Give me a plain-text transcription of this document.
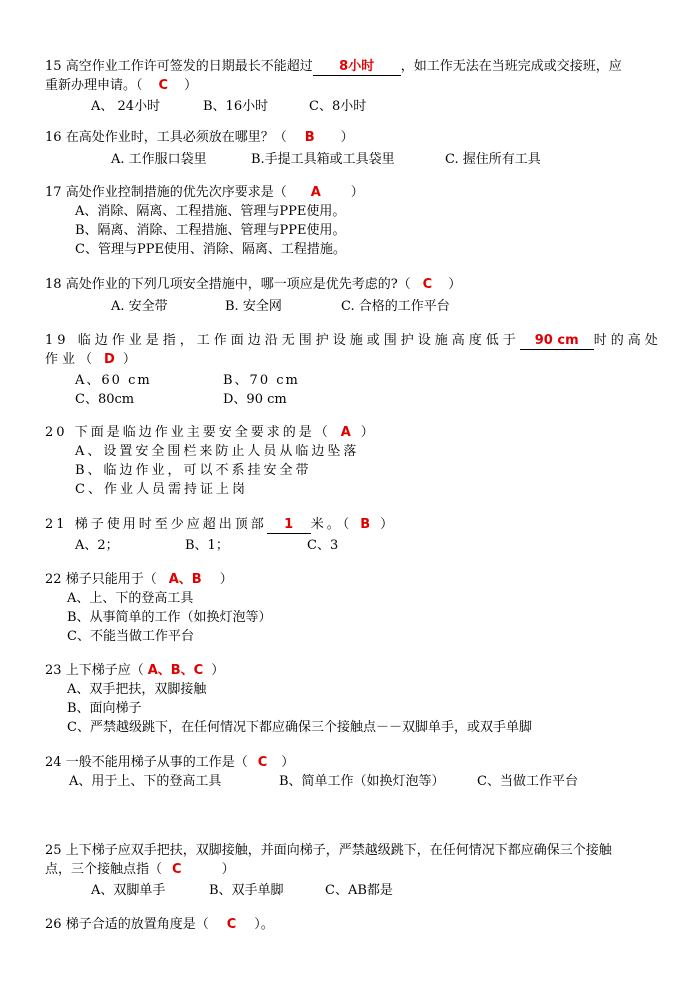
15 高空作业工作许可签发的日期最长不能超过 8小时 ，如工作无法在当班完成或交接班，应
重新办理申请。（ C ）
A、 24小时	B、16小时	C、8小时
16 在高处作业时，工具必须放在哪里？（ B ）
A. 工作服口袋里	B.手提工具箱或工具袋里	C. 握住所有工具
17 高处作业控制措施的优先次序要求是（ A ）
A、消除、隔离、工程措施、管理与PPE使用。
B、隔离、消除、工程措施、管理与PPE使用。
C、管理与PPE使用、消除、隔离、工程措施。
18 高处作业的下列几项安全措施中，哪一项应是优先考虑的?（ C ）
A. 安全带	B. 安全网	C. 合格的工作平台
19 临边作业是指，工作面边沿无围护设施或围护设施高度低于 90 cm 时的高处
作业（ D ）
A、60 cm	B、70 cm
C、80cm	D、90 cm
20 下面是临边作业主要安全要求的是（ A ）
A、设置安全围栏来防止人员从临边坠落
B、临边作业，可以不系挂安全带
C、作业人员需持证上岗
21 梯子使用时至少应超出顶部 1 米。（ B ）
A、2；	B、1；	C、3
22 梯子只能用于（ A、B ）
A、上、下的登高工具
B、从事简单的工作（如换灯泡等）
C、不能当做工作平台
23 上下梯子应（ A、B、C ）
A、双手把扶，双脚接触
B、面向梯子
C、严禁越级跳下，在任何情况下都应确保三个接触点－－双脚单手，或双手单脚
24 一般不能用梯子从事的工作是（ C ）
A、用于上、下的登高工具	B、简单工作（如换灯泡等） C、当做工作平台
25 上下梯子应双手把扶，双脚接触，并面向梯子，严禁越级跳下，在任何情况下都应确保三个接触
点，三个接触点指（ C	）
A、双脚单手	B、双手单脚	C、AB都是
26 梯子合适的放置角度是（ C ）。
